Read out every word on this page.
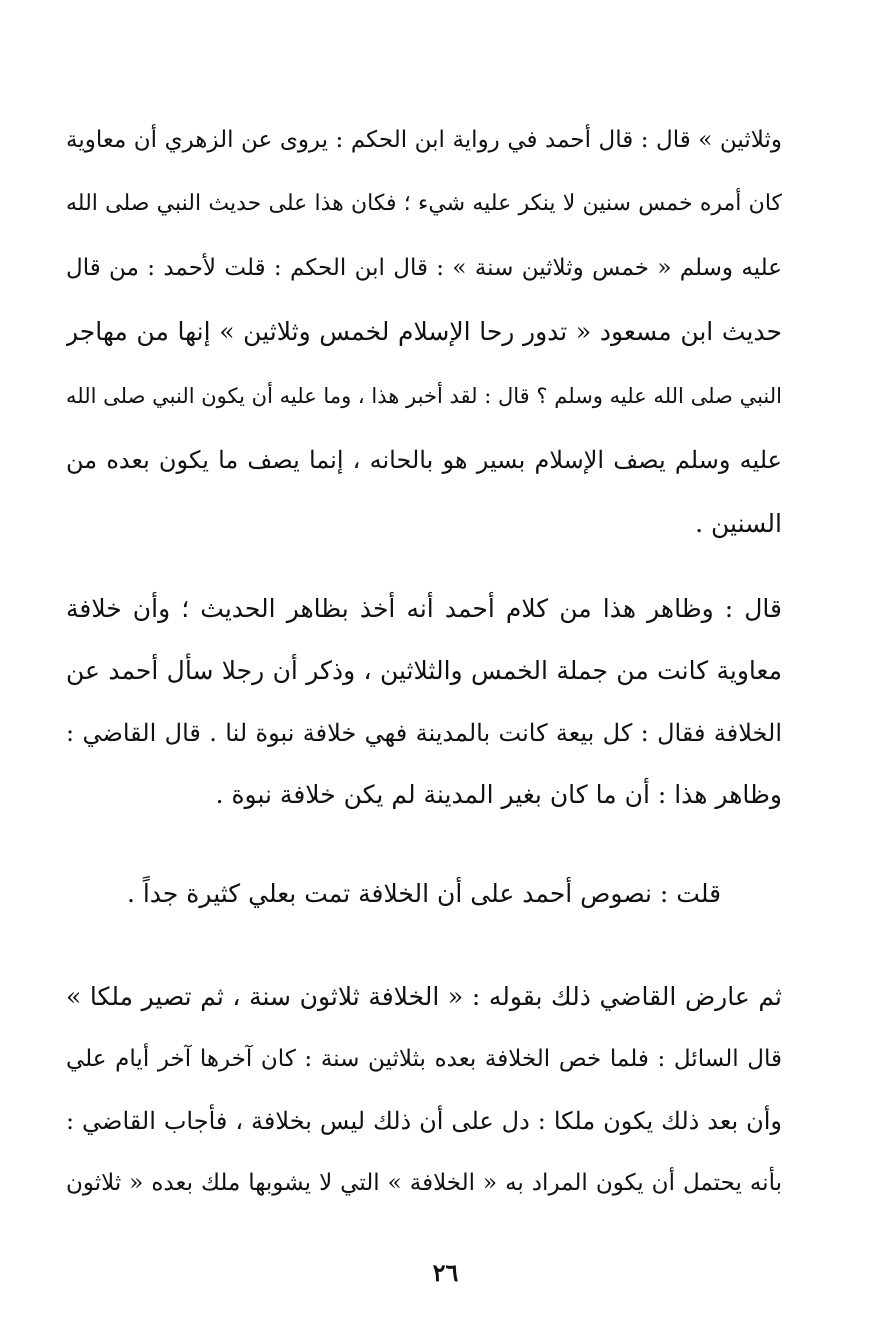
وثلاثين » قال : قال أحمد في رواية ابن الحكم : يروى عن الزهري أن معاوية
كان أمره خمس سنين لا ينكر عليه شيء ؛ فكان هذا على حديث النبي صلى الله
عليه وسلم « خمس وثلاثين سنة » : قال ابن الحكم : قلت لأحمد : من قال
حديث ابن مسعود « تدور رحا الإسلام لخمس وثلاثين » إنها من مهاجر
النبي صلى الله عليه وسلم ؟ قال : لقد أخبر هذا ، وما عليه أن يكون النبي صلى الله
عليه وسلم يصف الإسلام بسير هو بالحانه ، إنما يصف ما يكون بعده من
السنين .
قال : وظاهر هذا من كلام أحمد أنه أخذ بظاهر الحديث ؛ وأن خلافة
معاوية كانت من جملة الخمس والثلاثين ، وذكر أن رجلا سأل أحمد عن
الخلافة فقال : كل بيعة كانت بالمدينة فهي خلافة نبوة لنا . قال القاضي :
وظاهر هذا : أن ما كان بغير المدينة لم يكن خلافة نبوة .
قلت : نصوص أحمد على أن الخلافة تمت بعلي كثيرة جداً .
ثم عارض القاضي ذلك بقوله : « الخلافة ثلاثون سنة ، ثم تصير ملكا »
قال السائل : فلما خص الخلافة بعده بثلاثين سنة : كان آخرها آخر أيام علي
وأن بعد ذلك يكون ملكا : دل على أن ذلك ليس بخلافة ، فأجاب القاضي :
بأنه يحتمل أن يكون المراد به « الخلافة » التي لا يشوبها ملك بعده « ثلاثون
٢٦
